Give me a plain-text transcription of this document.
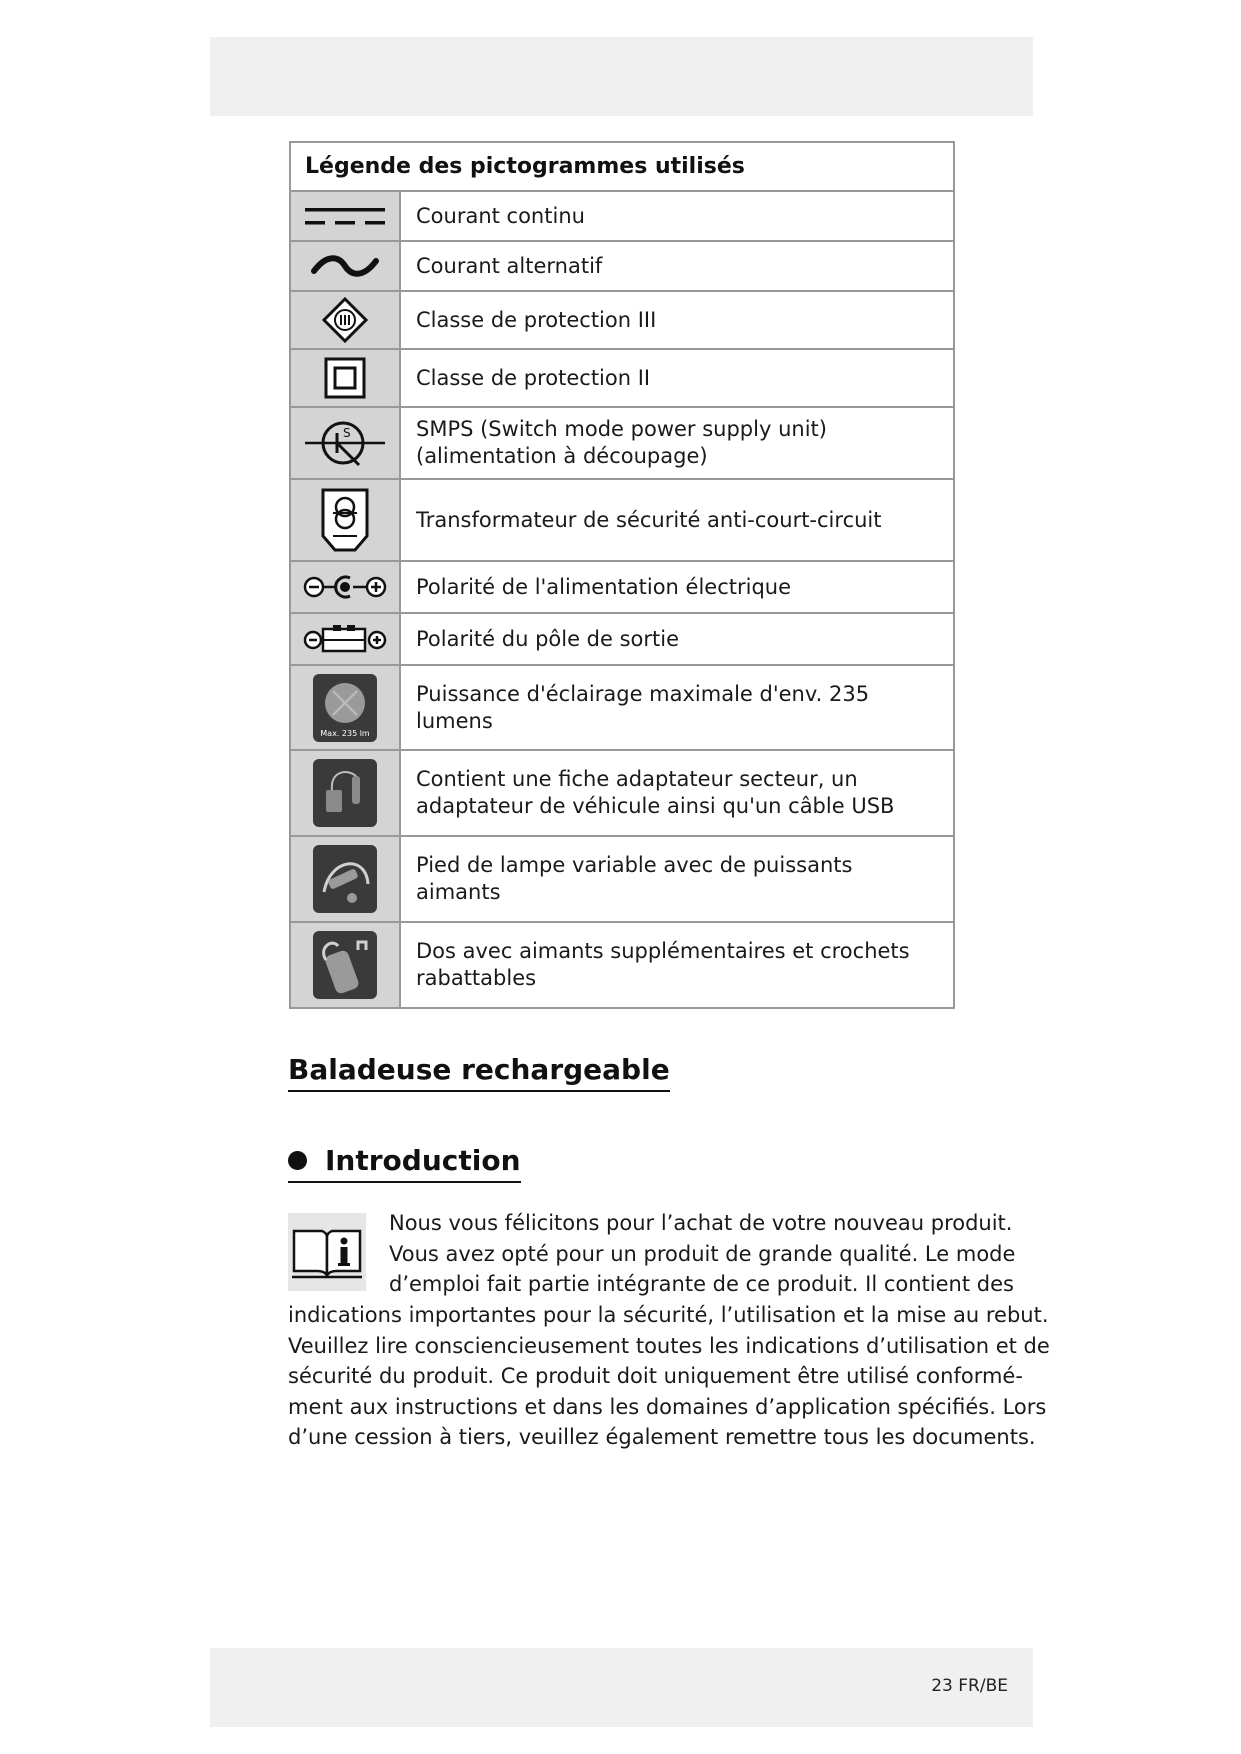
Légende des pictogrammes utilisés
Courant continu
Courant alternatif
Classe de protection III
Classe de protection II
S	SMPS (Switch mode power supply unit) (alimentation à découpage)
Transformateur de sécurité anti-court-circuit
Polarité de l'alimentation électrique
Polarité du pôle de sortie
Max. 235 lm
Puissance d'éclairage maximale d'env. 235 lumens
Contient une fiche adaptateur secteur, un adaptateur de véhicule ainsi qu'un câble USB
Pied de lampe variable avec de puissants aimants
Dos avec aimants supplémentaires et crochets rabattables
Baladeuse rechargeable
Introduction
Nous vous félicitons pour l’achat de votre nouveau produit.
Vous avez opté pour un produit de grande qualité. Le mode
d’emploi fait partie intégrante de ce produit. Il contient des
indications importantes pour la sécurité, l’utilisation et la mise au rebut.
Veuillez lire consciencieusement toutes les indications d’utilisation et de
sécurité du produit. Ce produit doit uniquement être utilisé conformé-
ment aux instructions et dans les domaines d’application spécifiés. Lors
d’une cession à tiers, veuillez également remettre tous les documents.
23 FR/BE
